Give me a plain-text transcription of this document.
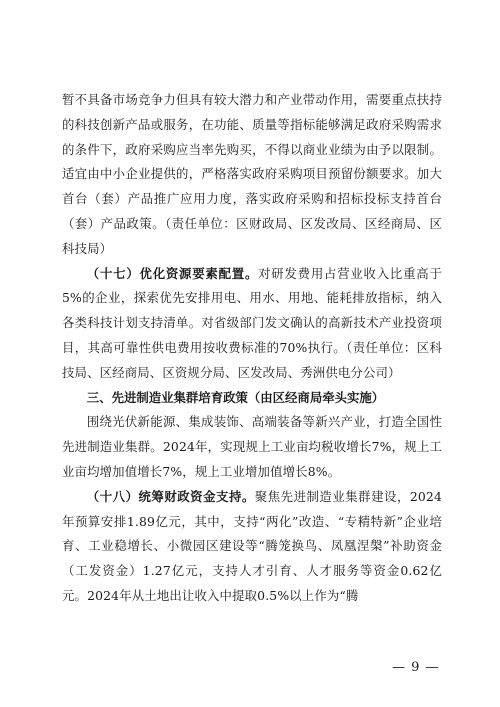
暂不具备市场竞争力但具有较大潜力和产业带动作用，需要重点扶持的科技创新产品或服务，在功能、质量等指标能够满足政府采购需求的条件下，政府采购应当率先购买，不得以商业业绩为由予以限制。适宜由中小企业提供的，严格落实政府采购项目预留份额要求。加大首台（套）产品推广应用力度，落实政府采购和招标投标支持首台（套）产品政策。（责任单位：区财政局、区发改局、区经商局、区科技局）

（十七）优化资源要素配置。对研发费用占营业收入比重高于5%的企业，探索优先安排用电、用水、用地、能耗排放指标，纳入各类科技计划支持清单。对省级部门发文确认的高新技术产业投资项目，其高可靠性供电费用按收费标准的70%执行。（责任单位：区科技局、区经商局、区资规分局、区发改局、秀洲供电分公司）

三、先进制造业集群培育政策（由区经商局牵头实施）

围绕光伏新能源、集成装饰、高端装备等新兴产业，打造全国性先进制造业集群。2024年，实现规上工业亩均税收增长7%，规上工业亩均增加值增长7%，规上工业增加值增长8%。

（十八）统筹财政资金支持。聚焦先进制造业集群建设，2024年预算安排1.89亿元，其中，支持“两化”改造、“专精特新”企业培育、工业稳增长、小微园区建设等“腾笼换鸟、凤凰涅槃”补助资金（工发资金）1.27亿元，支持人才引育、人才服务等资金0.62亿元。2024年从土地出让收入中提取0.5%以上作为“腾

— 9 —
